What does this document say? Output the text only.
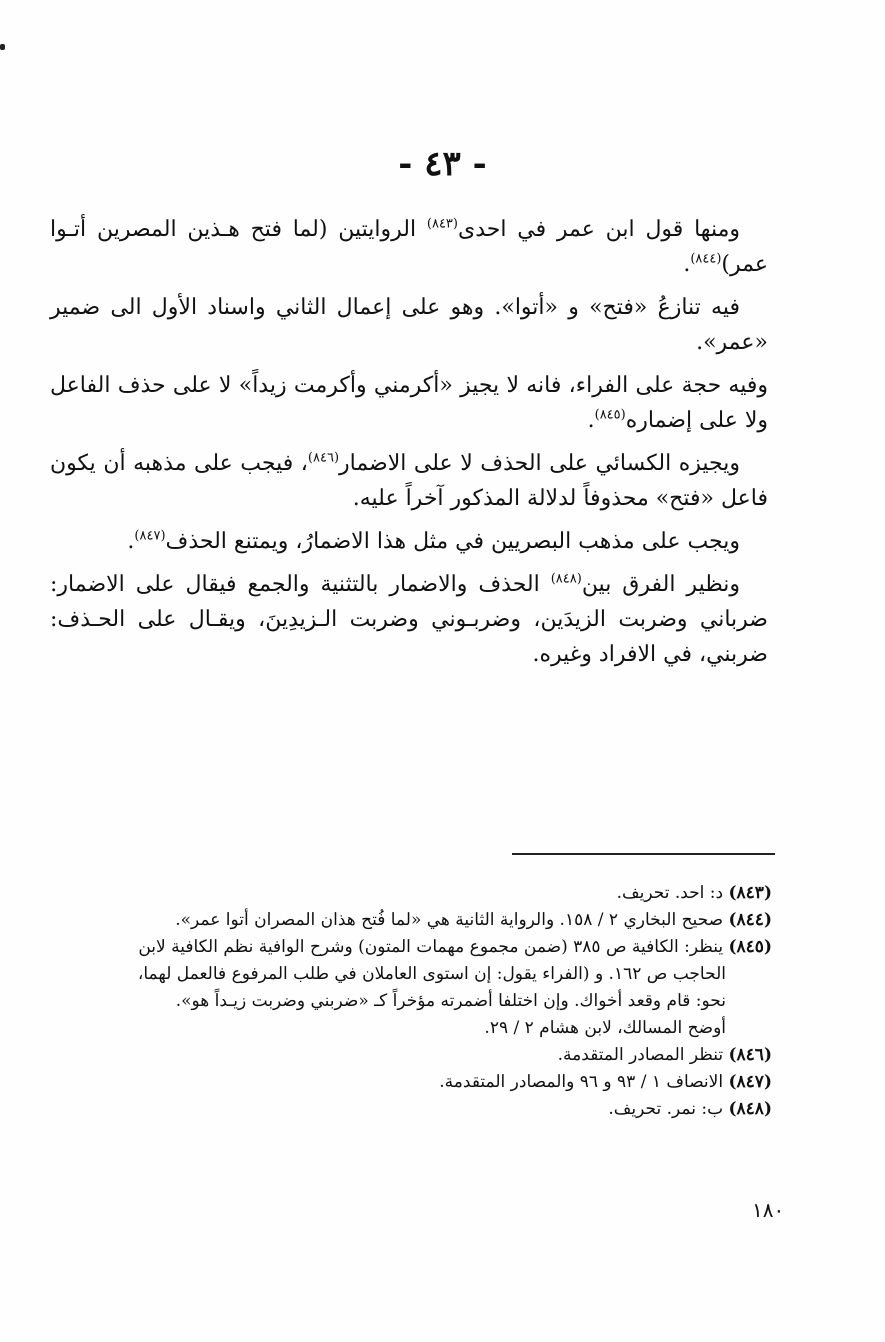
- ٤٣ -

ومنها قول ابن عمر في احدى$^{(٨٤٣)}$ الروايتين (لما فتح هـذين المصرين أتـوا عمر)$^{(٨٤٤)}$.

فيه تنازعُ «فتح» و «أتوا». وهو على إعمال الثاني واسناد الأول الى ضمير «عمر».

وفيه حجة على الفراء، فانه لا يجيز «أكرمني وأكرمت زيداً» لا على حذف الفاعل ولا على إضماره$^{(٨٤٥)}$.

ويجيزه الكسائي على الحذف لا على الاضمار$^{(٨٤٦)}$، فيجب على مذهبه أن يكون فاعل «فتح» محذوفاً لدلالة المذكور آخراً عليه.

ويجب على مذهب البصريين في مثل هذا الاضمارُ، ويمتنع الحذف$^{(٨٤٧)}$.

ونظير الفرق بين$^{(٨٤٨)}$ الحذف والاضمار بالتثنية والجمع فيقال على الاضمار: ضرباني وضربت الزيدَين، وضربـوني وضربت الـزيدِينَ، ويقـال على الحـذف: ضربني، في الافراد وغيره.

(٨٤٣) د: احد. تحريف.

(٨٤٤) صحيح البخاري ٢ / ١٥٨. والرواية الثانية هي «لما فُتح هذان المصران أتوا عمر».

(٨٤٥) ينظر: الكافية ص ٣٨٥ (ضمن مجموع مهمات المتون) وشرح الوافية نظم الكافية لابن

الحاجب ص ١٦٢. و (الفراء يقول: إن استوى العاملان في طلب المرفوع فالعمل لهما،

نحو: قام وقعد أخواك. وإن اختلفا أضمرته مؤخراً كـ «ضربني وضربت زيـداً هو».

أوضح المسالك، لابن هشام ٢ / ٢٩.

(٨٤٦) تنظر المصادر المتقدمة.

(٨٤٧) الانصاف ١ / ٩٣ و ٩٦ والمصادر المتقدمة.

(٨٤٨) ب: نمر. تحريف.

١٨٠
